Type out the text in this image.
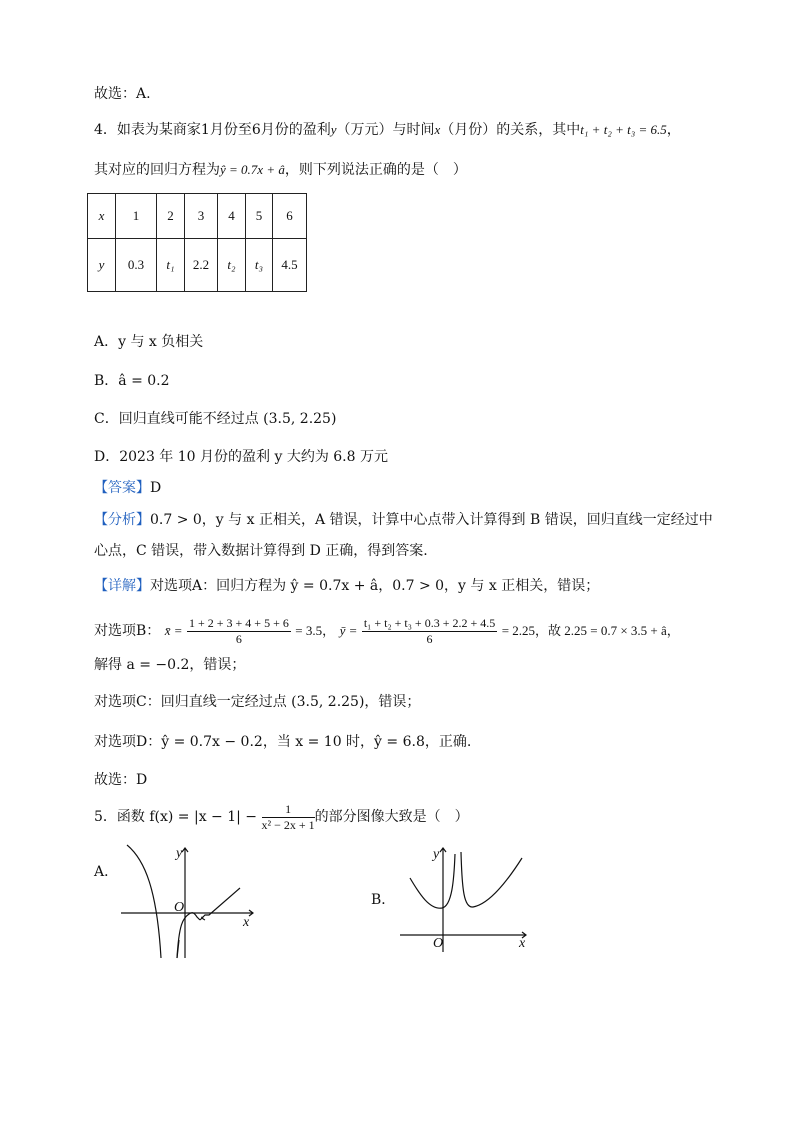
故选：A.
4．如表为某商家1月份至6月份的盈利y（万元）与时间x（月份）的关系，其中t₁ + t₂ + t₃ = 6.5，
其对应的回归方程为ŷ = 0.7x + â，则下列说法正确的是（　）
x	1	2	3	4	5	6
y	0.3	t₁	2.2	t₂	t₃	4.5
A．y 与 x 负相关
B．â = 0.2
C．回归直线可能不经过点 (3.5, 2.25)
D．2023 年 10 月份的盈利 y 大约为 6.8 万元
【答案】D
【分析】0.7 > 0，y 与 x 正相关，A 错误，计算中心点带入计算得到 B 错误，回归直线一定经过中
心点，C 错误，带入数据计算得到 D 正确，得到答案.
【详解】对选项A：回归方程为 ŷ = 0.7x + â，0.7 > 0，y 与 x 正相关，错误；
对选项B： x̄ = $\frac{1 + 2 + 3 + 4 + 5 + 6}{6} = 3.5$， ȳ = $\frac{\text{t₁ + t₂ + t₃ + 0.3 + 2.2 + 4.5}}{6} = 2.25$，故 2.25 = 0.7 × 3.5 + â，
解得 a = −0.2，错误；
对选项C：回归直线一定经过点 (3.5, 2.25)，错误；
对选项D：ŷ = 0.7x − 0.2，当 x = 10 时，ŷ = 6.8，正确.
故选：D
5．函数 $f(x) = |x - 1| - \frac{1}{\text{x² − 2x + 1}}$ 的部分图像大致是（　）
A．
B．
O
y
x
O
y
x
